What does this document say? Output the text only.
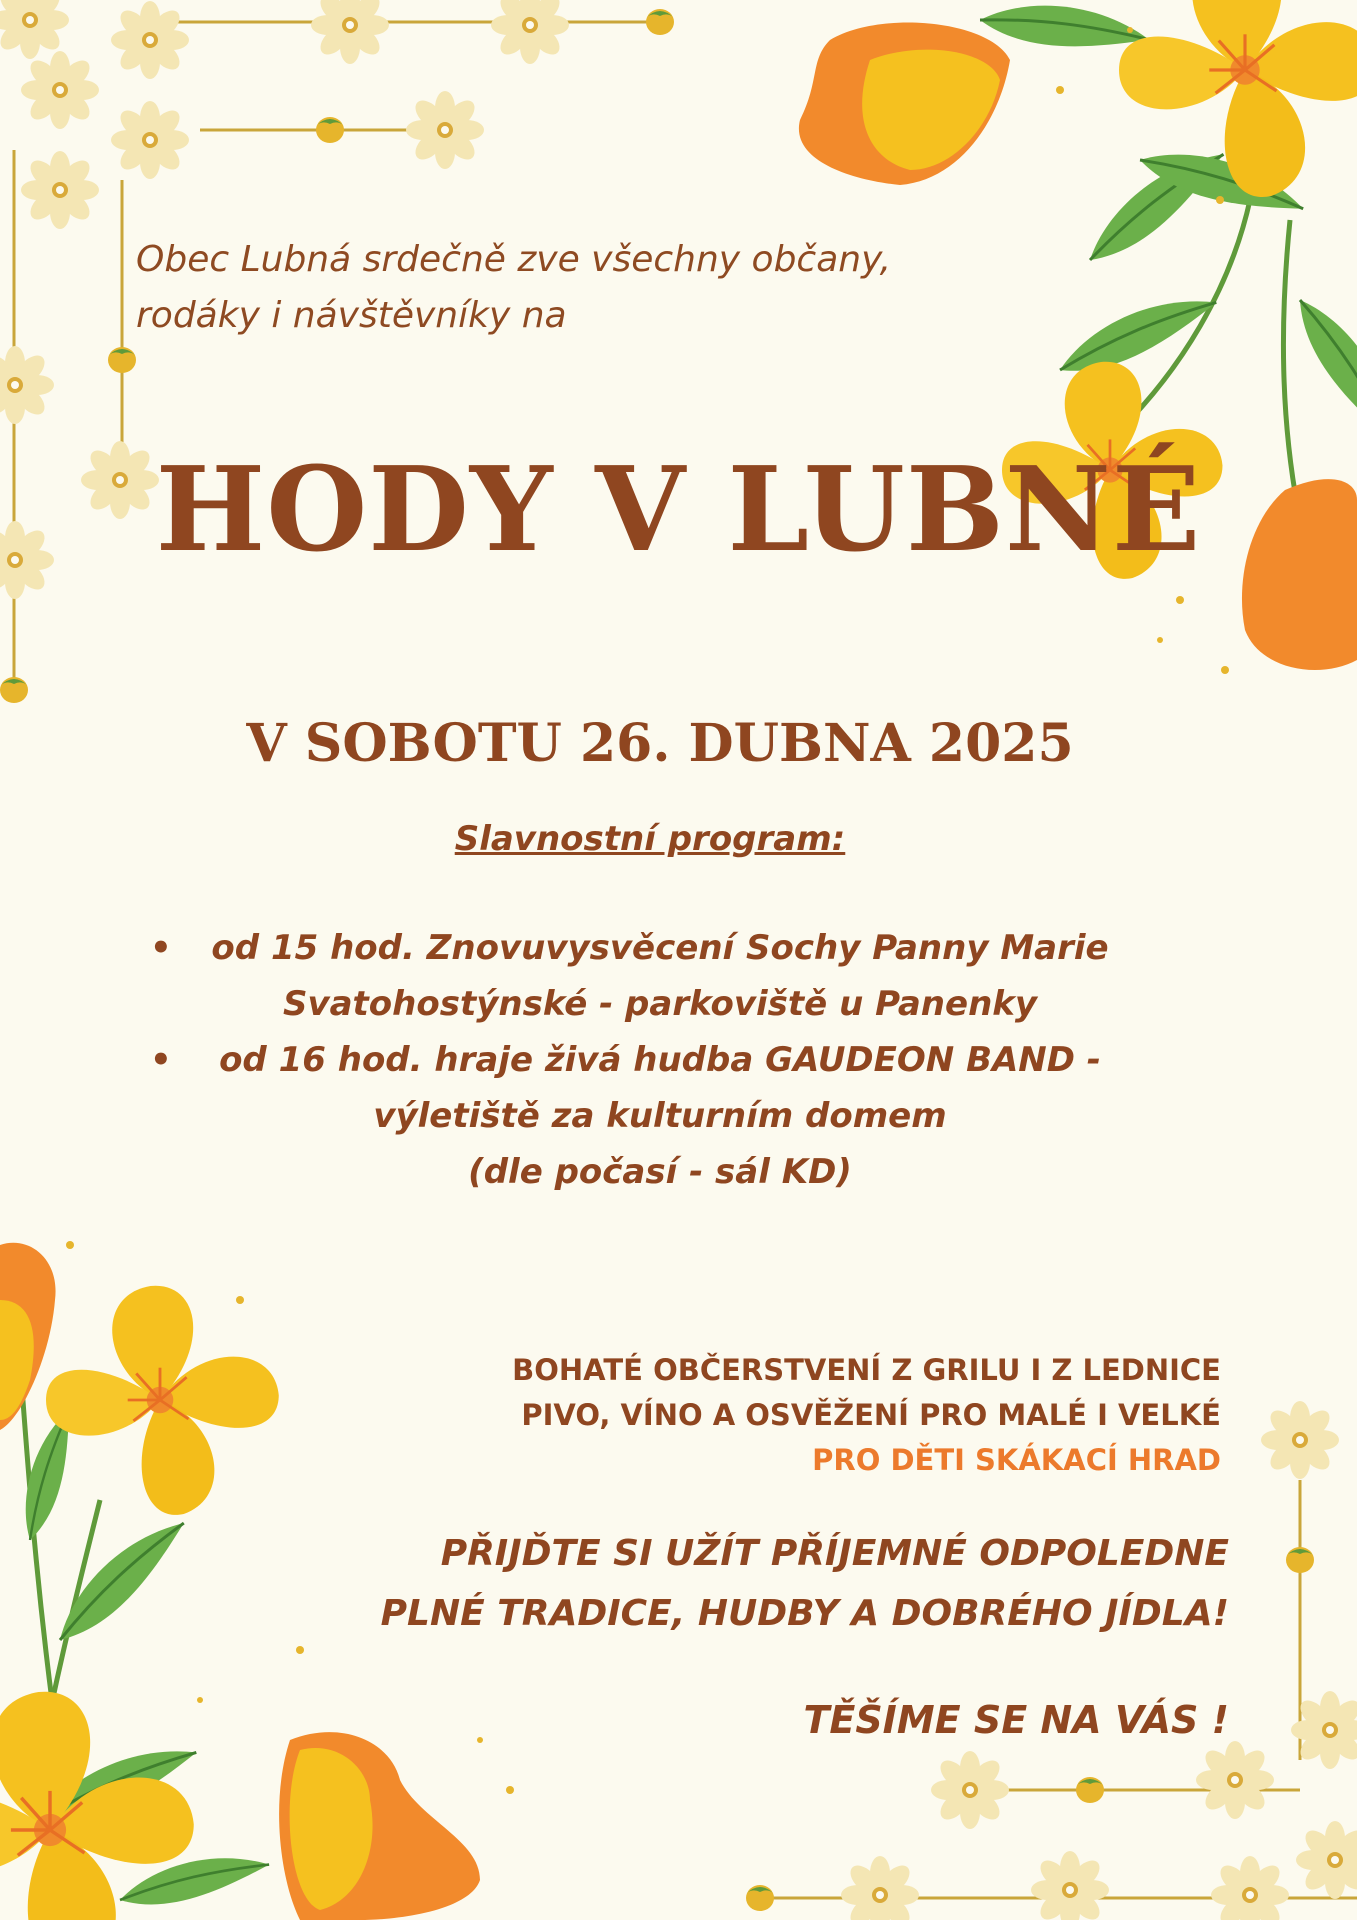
Obec Lubná srdečně zve všechny občany,
rodáky i návštěvníky na

HODY V LUBNÉ
V SOBOTU 26. DUBNA 2025
Slavnostní program:
•	od 15 hod. Znovuvysvěcení Sochy Panny Marie
Svatohostýnské - parkoviště u Panenky
•	od 16 hod. hraje živá hudba GAUDEON BAND -
výletiště za kulturním domem
(dle počasí - sál KD)

BOHATÉ OBČERSTVENÍ Z GRILU I Z LEDNICE
PIVO, VÍNO A OSVĚŽENÍ PRO MALÉ I VELKÉ
PRO DĚTI SKÁKACÍ HRAD

PŘIJĎTE SI UŽÍT PŘÍJEMNÉ ODPOLEDNE
PLNÉ TRADICE, HUDBY A DOBRÉHO JÍDLA!

TĚŠÍME SE NA VÁS !
